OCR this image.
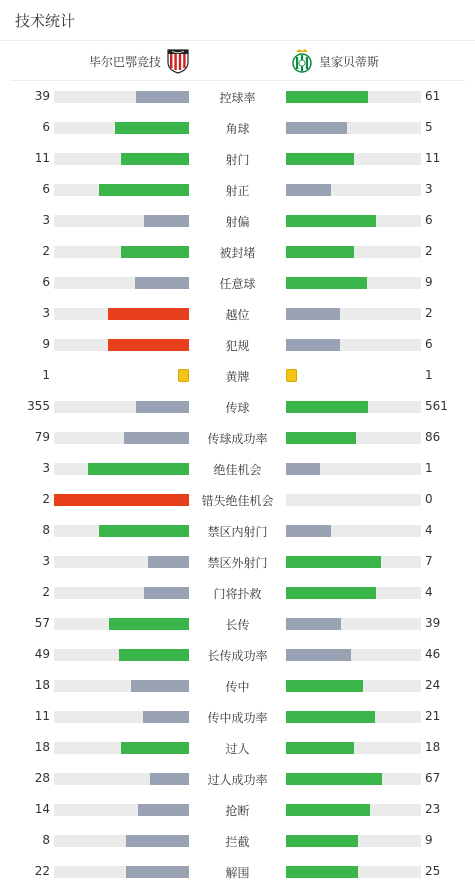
技术统计
毕尔巴鄂竞技	皇家贝蒂斯
39	控球率	61
6	角球	5
11	射门	11
6	射正	3
3	射偏	6
2	被封堵	2
6	任意球	9
3	越位	2
9	犯规	6
1	黄牌	1
355	传球	561
79	传球成功率	86
3	绝佳机会	1
2	错失绝佳机会	0
8	禁区内射门	4
3	禁区外射门	7
2	门将扑救	4
57	长传	39
49	长传成功率	46
18	传中	24
11	传中成功率	21
18	过人	18
28	过人成功率	67
14	抢断	23
8	拦截	9
22	解围	25
